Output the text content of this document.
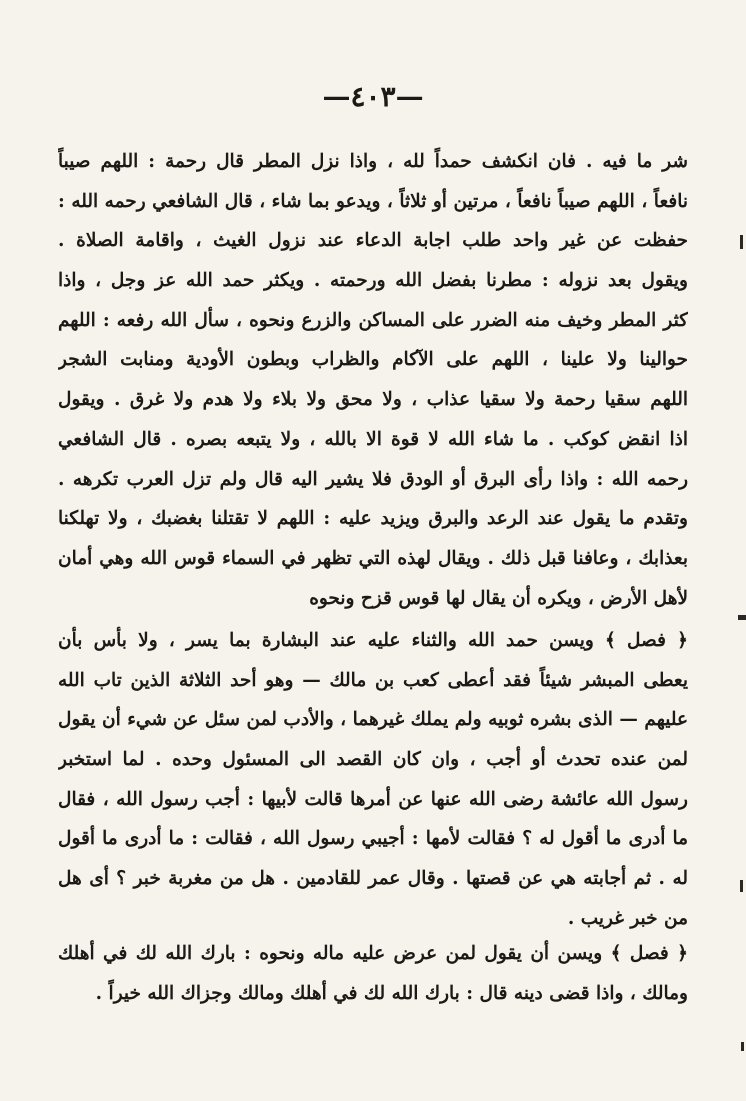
—٤٠٣—
شر ما فيه . فان انكشف حمداً لله ، واذا نزل المطر قال رحمة : اللهم صيباً
نافعاً ، اللهم صيباً نافعاً ، مرتين أو ثلاثاً ، ويدعو بما شاء ، قال الشافعي رحمه الله :
حفظت عن غير واحد طلب اجابة الدعاء عند نزول الغيث ، واقامة الصلاة .
ويقول بعد نزوله : مطرنا بفضل الله ورحمته . ويكثر حمد الله عز وجل ، واذا
كثر المطر وخيف منه الضرر على المساكن والزرع ونحوه ، سأل الله رفعه : اللهم
حوالينا ولا علينا ، اللهم على الآكام والظراب وبطون الأودية ومنابت الشجر
اللهم سقيا رحمة ولا سقيا عذاب ، ولا محق ولا بلاء ولا هدم ولا غرق . ويقول
اذا انقض كوكب . ما شاء الله لا قوة الا بالله ، ولا يتبعه بصره . قال الشافعي
رحمه الله : واذا رأى البرق أو الودق فلا يشير اليه قال ولم تزل العرب تكرهه .
وتقدم ما يقول عند الرعد والبرق ويزيد عليه : اللهم لا تقتلنا بغضبك ، ولا تهلكنا
بعذابك ، وعافنا قبل ذلك . ويقال لهذه التي تظهر في السماء قوس الله وهي أمان
لأهل الأرض ، ويكره أن يقال لها قوس قزح ونحوه
﴿ فصل ﴾ ويسن حمد الله والثناء عليه عند البشارة بما يسر ، ولا بأس بأن
يعطى المبشر شيئاً فقد أعطى كعب بن مالك — وهو أحد الثلاثة الذين تاب الله
عليهم — الذى بشره ثوبيه ولم يملك غيرهما ، والأدب لمن سئل عن شيء أن يقول
لمن عنده تحدث أو أجب ، وان كان القصد الى المسئول وحده . لما استخبر
رسول الله عائشة رضى الله عنها عن أمرها قالت لأبيها : أجب رسول الله ، فقال
ما أدرى ما أقول له ؟ فقالت لأمها : أجيبي رسول الله ، فقالت : ما أدرى ما أقول
له . ثم أجابته هي عن قصتها . وقال عمر للقادمين . هل من مغربة خبر ؟ أى هل
من خبر غريب .
﴿ فصل ﴾ ويسن أن يقول لمن عرض عليه ماله ونحوه : بارك الله لك في أهلك
ومالك ، واذا قضى دينه قال : بارك الله لك في أهلك ومالك وجزاك الله خيراً .
